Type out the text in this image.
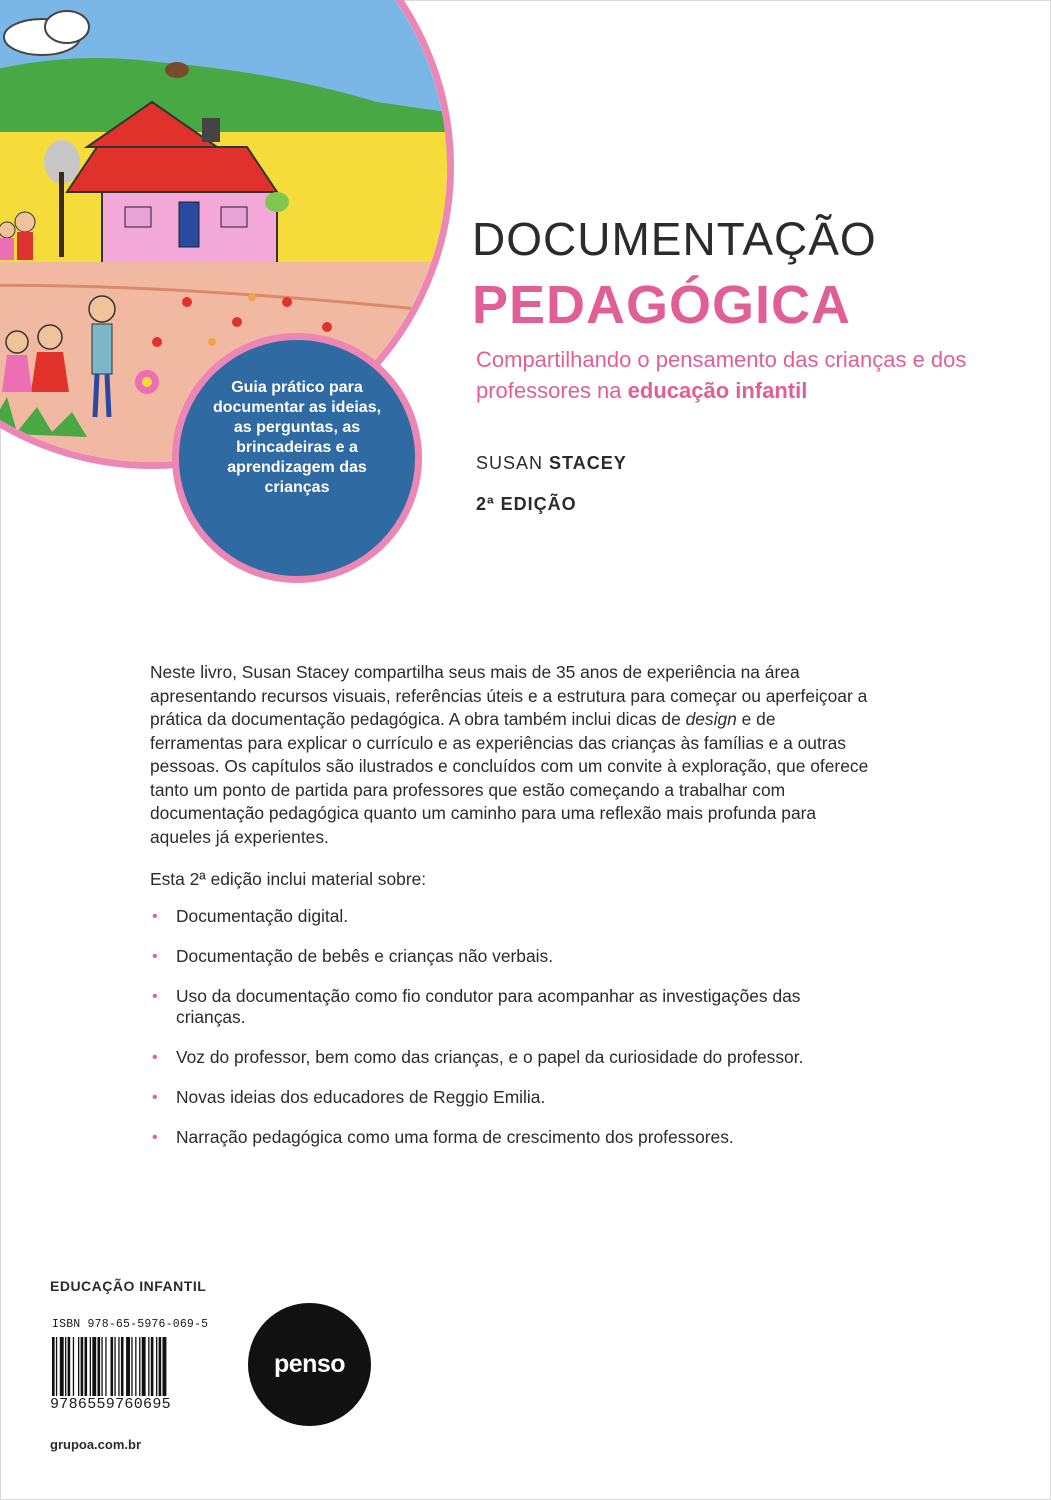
Guia prático para documentar as ideias, as perguntas, as brincadeiras e a aprendizagem das crianças
DOCUMENTAÇÃO
PEDAGÓGICA
Compartilhando o pensamento das crianças e dos professores na educação infantil
SUSAN STACEY
2ª EDIÇÃO
Neste livro, Susan Stacey compartilha seus mais de 35 anos de experiência na área apresentando recursos visuais, referências úteis e a estrutura para começar ou aperfeiçoar a prática da documentação pedagógica. A obra também inclui dicas de design e de ferramentas para explicar o currículo e as experiências das crianças às famílias e a outras pessoas. Os capítulos são ilustrados e concluídos com um convite à exploração, que oferece tanto um ponto de partida para professores que estão começando a trabalhar com documentação pedagógica quanto um caminho para uma reflexão mais profunda para aqueles já experientes.
Esta 2ª edição inclui material sobre:
• Documentação digital.
• Documentação de bebês e crianças não verbais.
• Uso da documentação como fio condutor para acompanhar as investigações das crianças.
• Voz do professor, bem como das crianças, e o papel da curiosidade do professor.
• Novas ideias dos educadores de Reggio Emilia.
• Narração pedagógica como uma forma de crescimento dos professores.
EDUCAÇÃO INFANTIL
ISBN 978-65-5976-069-5
9786559760695
grupoa.com.br
penso
